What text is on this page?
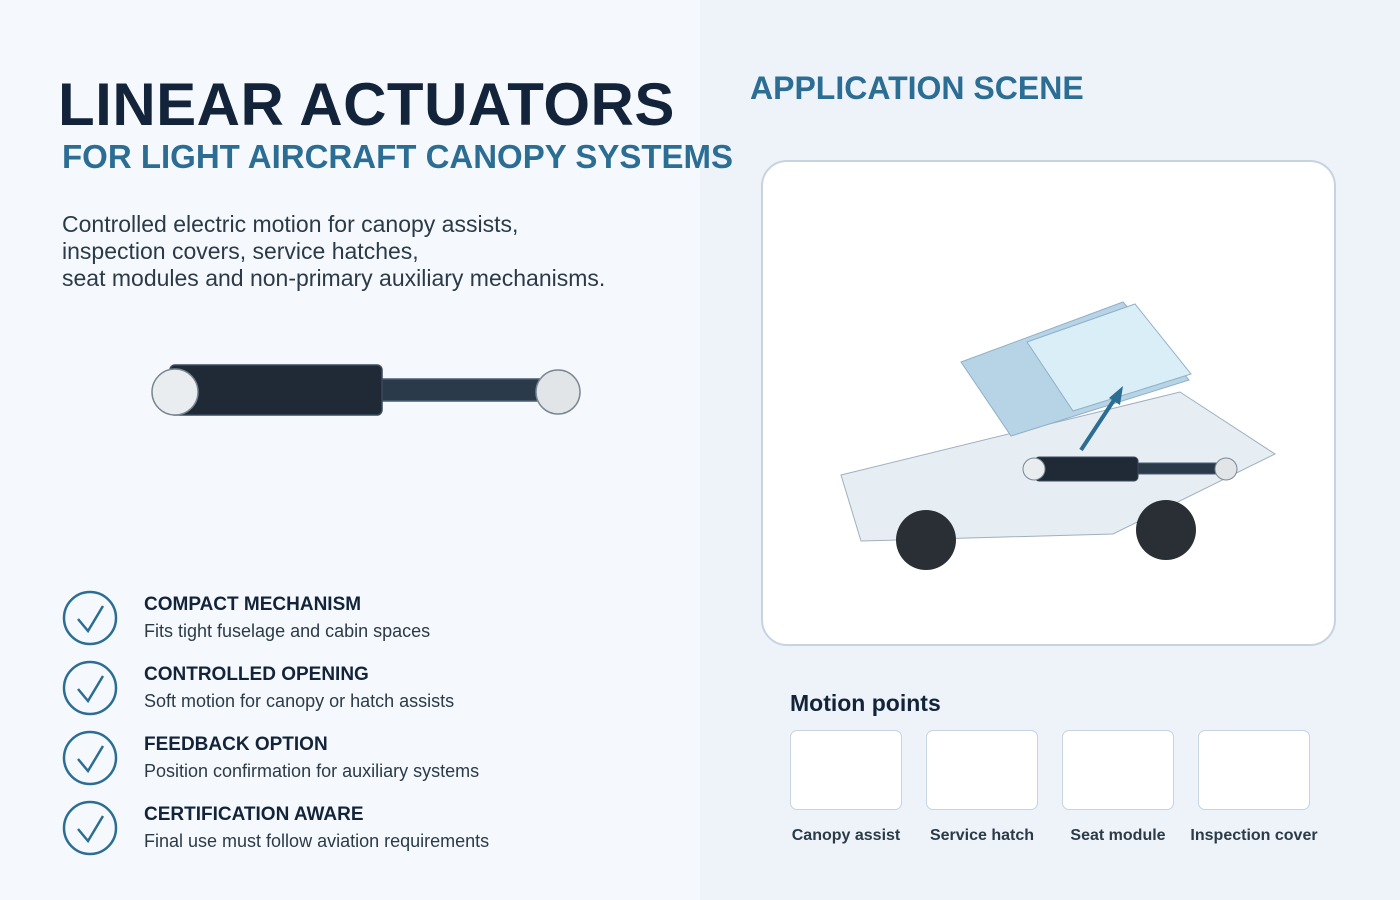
LINEAR ACTUATORS
FOR LIGHT AIRCRAFT CANOPY SYSTEMS

Controlled electric motion for canopy assists,
inspection covers, service hatches,
seat modules and non-primary auxiliary mechanisms.

COMPACT MECHANISM
Fits tight fuselage and cabin spaces
CONTROLLED OPENING
Soft motion for canopy or hatch assists
FEEDBACK OPTION
Position confirmation for auxiliary systems
CERTIFICATION AWARE
Final use must follow aviation requirements
APPLICATION SCENE
Motion points
Canopy assist	Service hatch	Seat module	Inspection cover
